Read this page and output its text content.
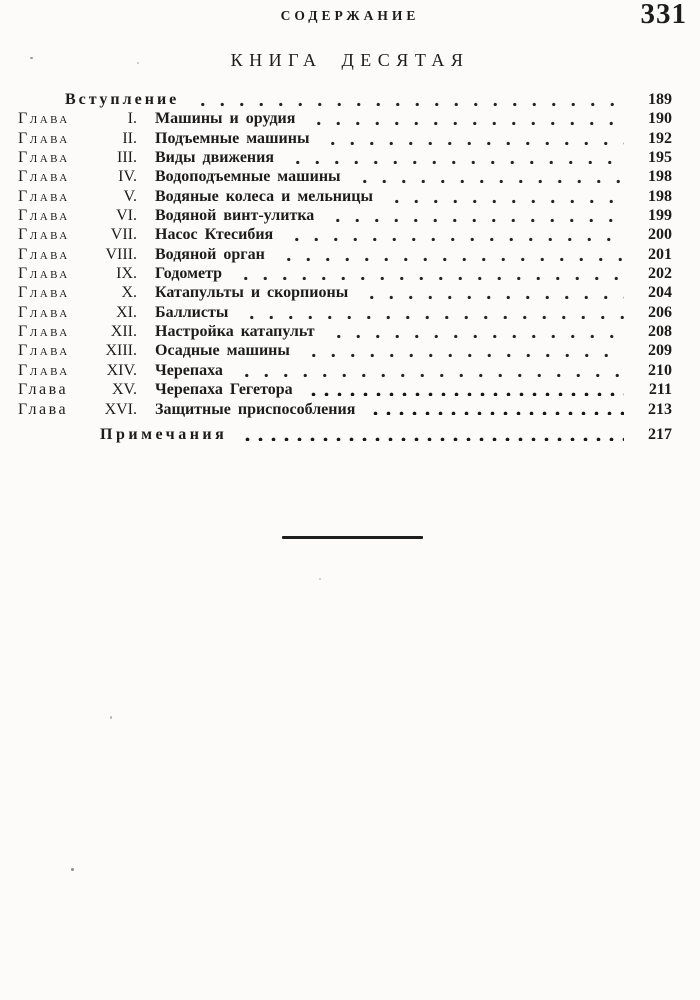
СОДЕРЖАНИЕ	331
КНИГА ДЕСЯТАЯ
Вступление	189
Глава	I. Машины и орудия	190
Глава	II. Подъемные машины	192
Глава	III. Виды движения	195
Глава	IV. Водоподъемные машины	198
Глава	V. Водяные колеса и мельницы	198
Глава	VI. Водяной винт-улитка	199
Глава	VII. Насос Ктесибия	200
Глава	VIII. Водяной орган	201
Глава	IX. Годометр	202
Глава	X. Катапульты и скорпионы	204
Глава	XI. Баллисты	206
Глава	XII. Настройка катапульт	208
Глава	XIII. Осадные машины	209
Глава	XIV. Черепаха	210
Глава	XV. Черепаха Гегетора	211
Глава	XVI. Защитные приспособления	213
Примечания	217
